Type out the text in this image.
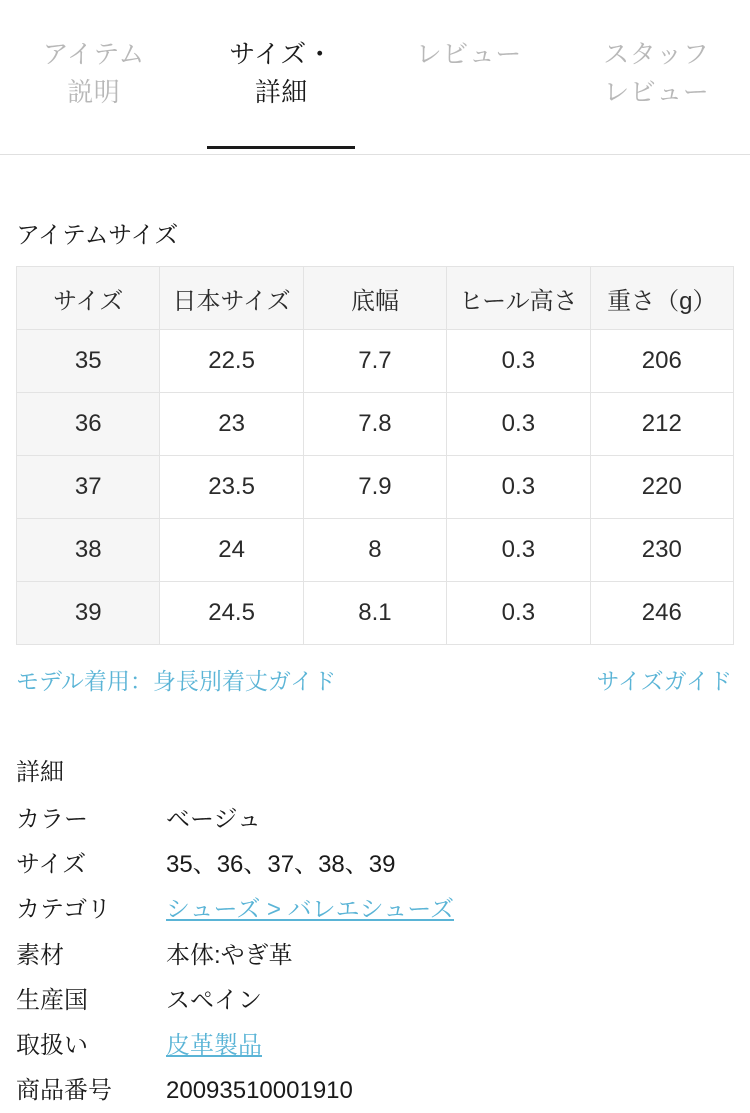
アイテム
説明
サイズ・
詳細
レビュー	スタッフ
レビュー
アイテムサイズ
サイズ	日本サイズ	底幅	ヒール高さ	重さ（g）
35	22.5	7.7	0.3	206
36	23	7.8	0.3	212
37	23.5	7.9	0.3	220
38	24	8	0.3	230
39	24.5	8.1	0.3	246
モデル着用：身長別着丈ガイド	サイズガイド
詳細
カラー	ベージュ
サイズ	35、36、37、38、39
カテゴリ	シューズ > バレエシューズ
素材	本体:やぎ革
生産国	スペイン
取扱い	皮革製品
商品番号	20093510001910
